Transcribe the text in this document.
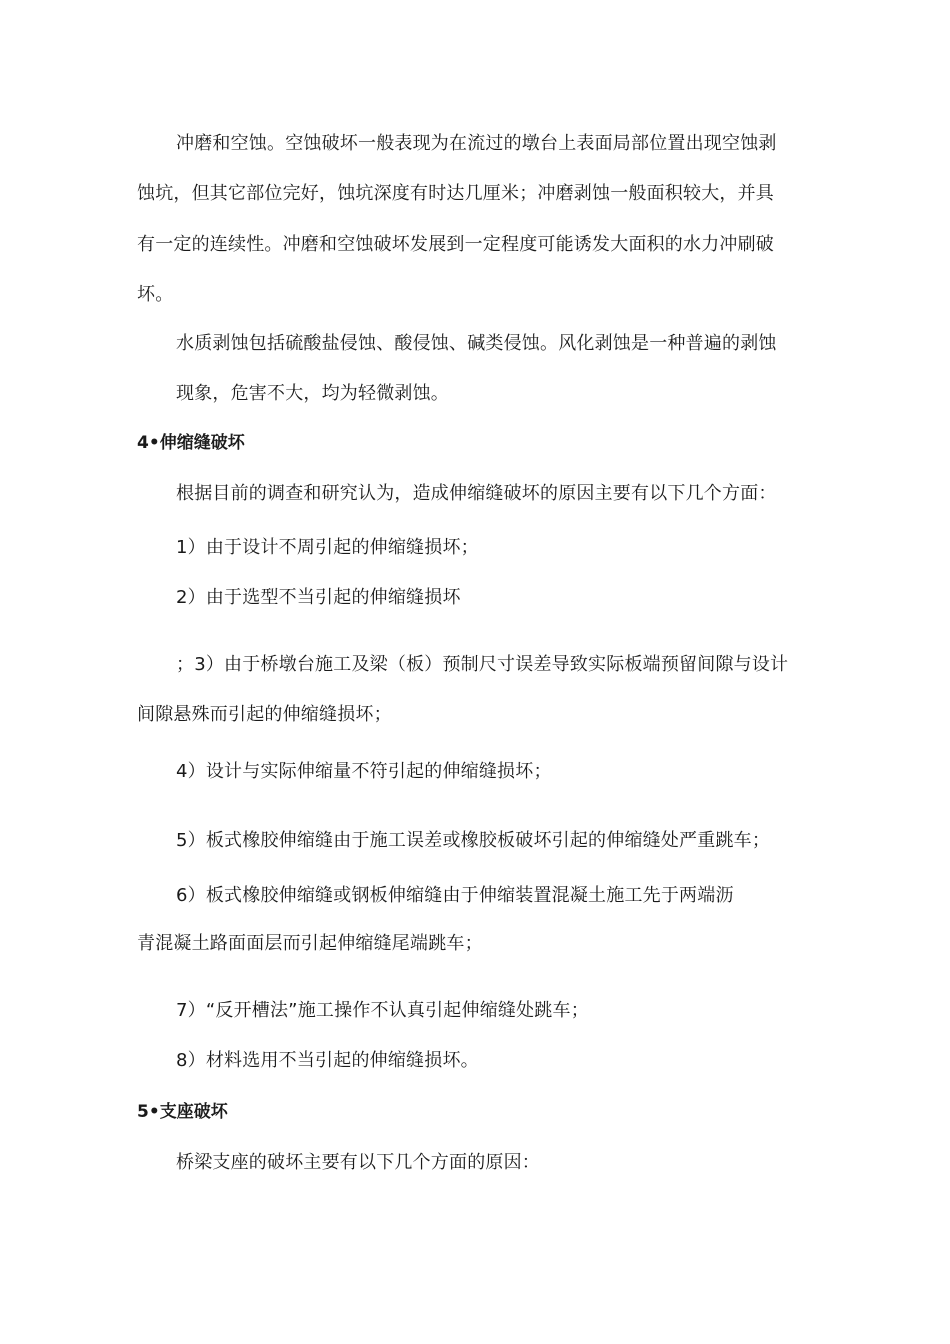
冲磨和空蚀。空蚀破坏一般表现为在流过的墩台上表面局部位置出现空蚀剥
蚀坑，但其它部位完好，蚀坑深度有时达几厘米；冲磨剥蚀一般面积较大，并具
有一定的连续性。冲磨和空蚀破坏发展到一定程度可能诱发大面积的水力冲刷破
坏。
水质剥蚀包括硫酸盐侵蚀、酸侵蚀、碱类侵蚀。风化剥蚀是一种普遍的剥蚀
现象，危害不大，均为轻微剥蚀。
4•伸缩缝破坏
根据目前的调查和研究认为，造成伸缩缝破坏的原因主要有以下几个方面：
1）由于设计不周引起的伸缩缝损坏；
2）由于选型不当引起的伸缩缝损坏
；3）由于桥墩台施工及梁（板）预制尺寸误差导致实际板端预留间隙与设计
间隙悬殊而引起的伸缩缝损坏；
4）设计与实际伸缩量不符引起的伸缩缝损坏；
5）板式橡胶伸缩缝由于施工误差或橡胶板破坏引起的伸缩缝处严重跳车；
6）板式橡胶伸缩缝或钢板伸缩缝由于伸缩装置混凝土施工先于两端沥
青混凝土路面面层而引起伸缩缝尾端跳车；
7）“反开槽法”施工操作不认真引起伸缩缝处跳车；
8）材料选用不当引起的伸缩缝损坏。
5•支座破坏
桥梁支座的破坏主要有以下几个方面的原因：
